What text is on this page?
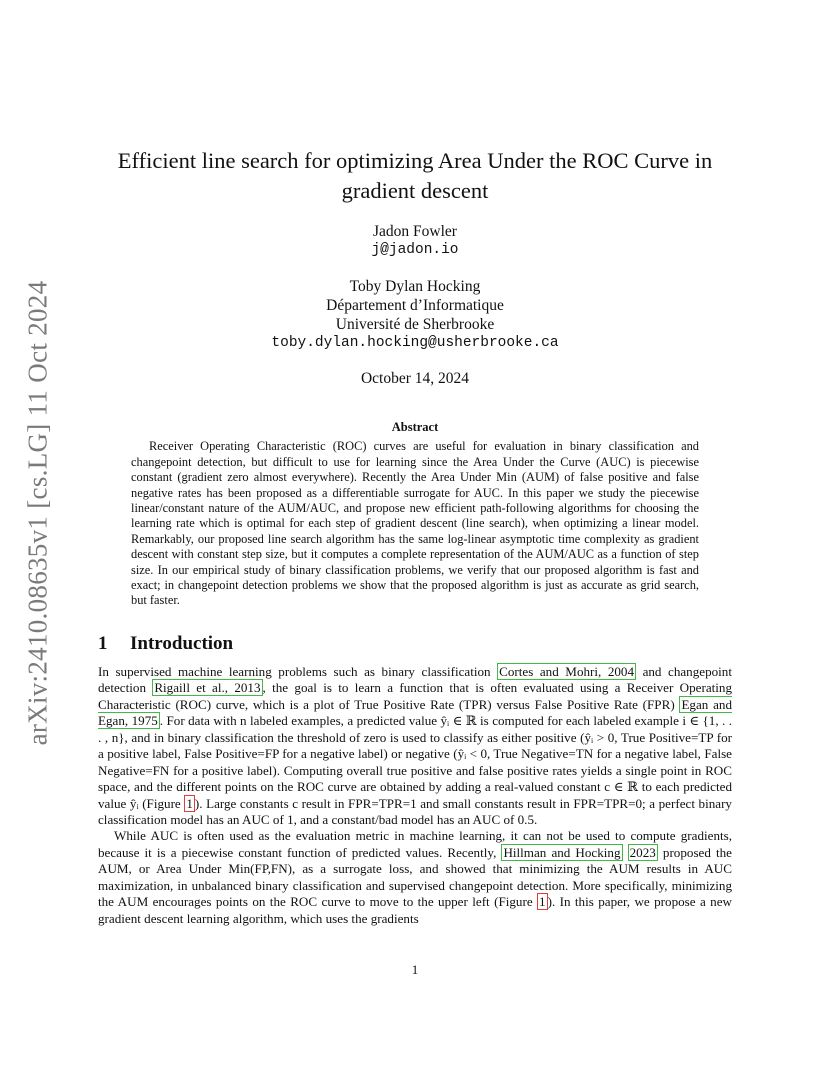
arXiv:2410.08635v1 [cs.LG] 11 Oct 2024
Efficient line search for optimizing Area Under the ROC Curve in
gradient descent
Jadon Fowler
j@jadon.io
Toby Dylan Hocking
Département d’Informatique
Université de Sherbrooke
toby.dylan.hocking@usherbrooke.ca
October 14, 2024
Abstract

Receiver Operating Characteristic (ROC) curves are useful for evaluation in binary classification and changepoint detection, but difficult to use for learning since the Area Under the Curve (AUC) is piecewise constant (gradient zero almost everywhere). Recently the Area Under Min (AUM) of false positive and false negative rates has been proposed as a differentiable surrogate for AUC. In this paper we study the piecewise linear/constant nature of the AUM/AUC, and propose new efficient path-following algorithms for choosing the learning rate which is optimal for each step of gradient descent (line search), when optimizing a linear model. Remarkably, our proposed line search algorithm has the same log-linear asymptotic time complexity as gradient descent with constant step size, but it computes a complete representation of the AUM/AUC as a function of step size. In our empirical study of binary classification problems, we verify that our proposed algorithm is fast and exact; in changepoint detection problems we show that the proposed algorithm is just as accurate as grid search, but faster.

1 Introduction

In supervised machine learning problems such as binary classification Cortes and Mohri, 2004 and changepoint detection Rigaill et al., 2013 , the goal is to learn a function that is often evaluated using a Receiver Operating Characteristic (ROC) curve, which is a plot of True Positive Rate (TPR) versus False Positive Rate (FPR) Egan and Egan, 1975 . For data with n labeled examples, a predicted value ŷᵢ ∈ ℝ is computed for each labeled example i ∈ {1, . . . , n}, and in binary classification the threshold of zero is used to classify as either positive (ŷᵢ > 0, True Positive=TP for a positive label, False Positive=FP for a negative label) or negative (ŷᵢ < 0, True Negative=TN for a negative label, False Negative=FN for a positive label). Computing overall true positive and false positive rates yields a single point in ROC space, and the different points on the ROC curve are obtained by adding a real-valued constant c ∈ ℝ to each predicted value ŷᵢ (Figure 1 ). Large constants c result in FPR=TPR=1 and small constants result in FPR=TPR=0; a perfect binary classification model has an AUC of 1, and a constant/bad model has an AUC of 0.5.

While AUC is often used as the evaluation metric in machine learning, it can not be used to compute gradients, because it is a piecewise constant function of predicted values. Recently, Hillman and Hocking 2023 proposed the AUM, or Area Under Min(FP,FN), as a surrogate loss, and showed that minimizing the AUM results in AUC maximization, in unbalanced binary classification and supervised changepoint detection. More specifically, minimizing the AUM encourages points on the ROC curve to move to the upper left (Figure 1 ). In this paper, we propose a new gradient descent learning algorithm, which uses the gradients

1
